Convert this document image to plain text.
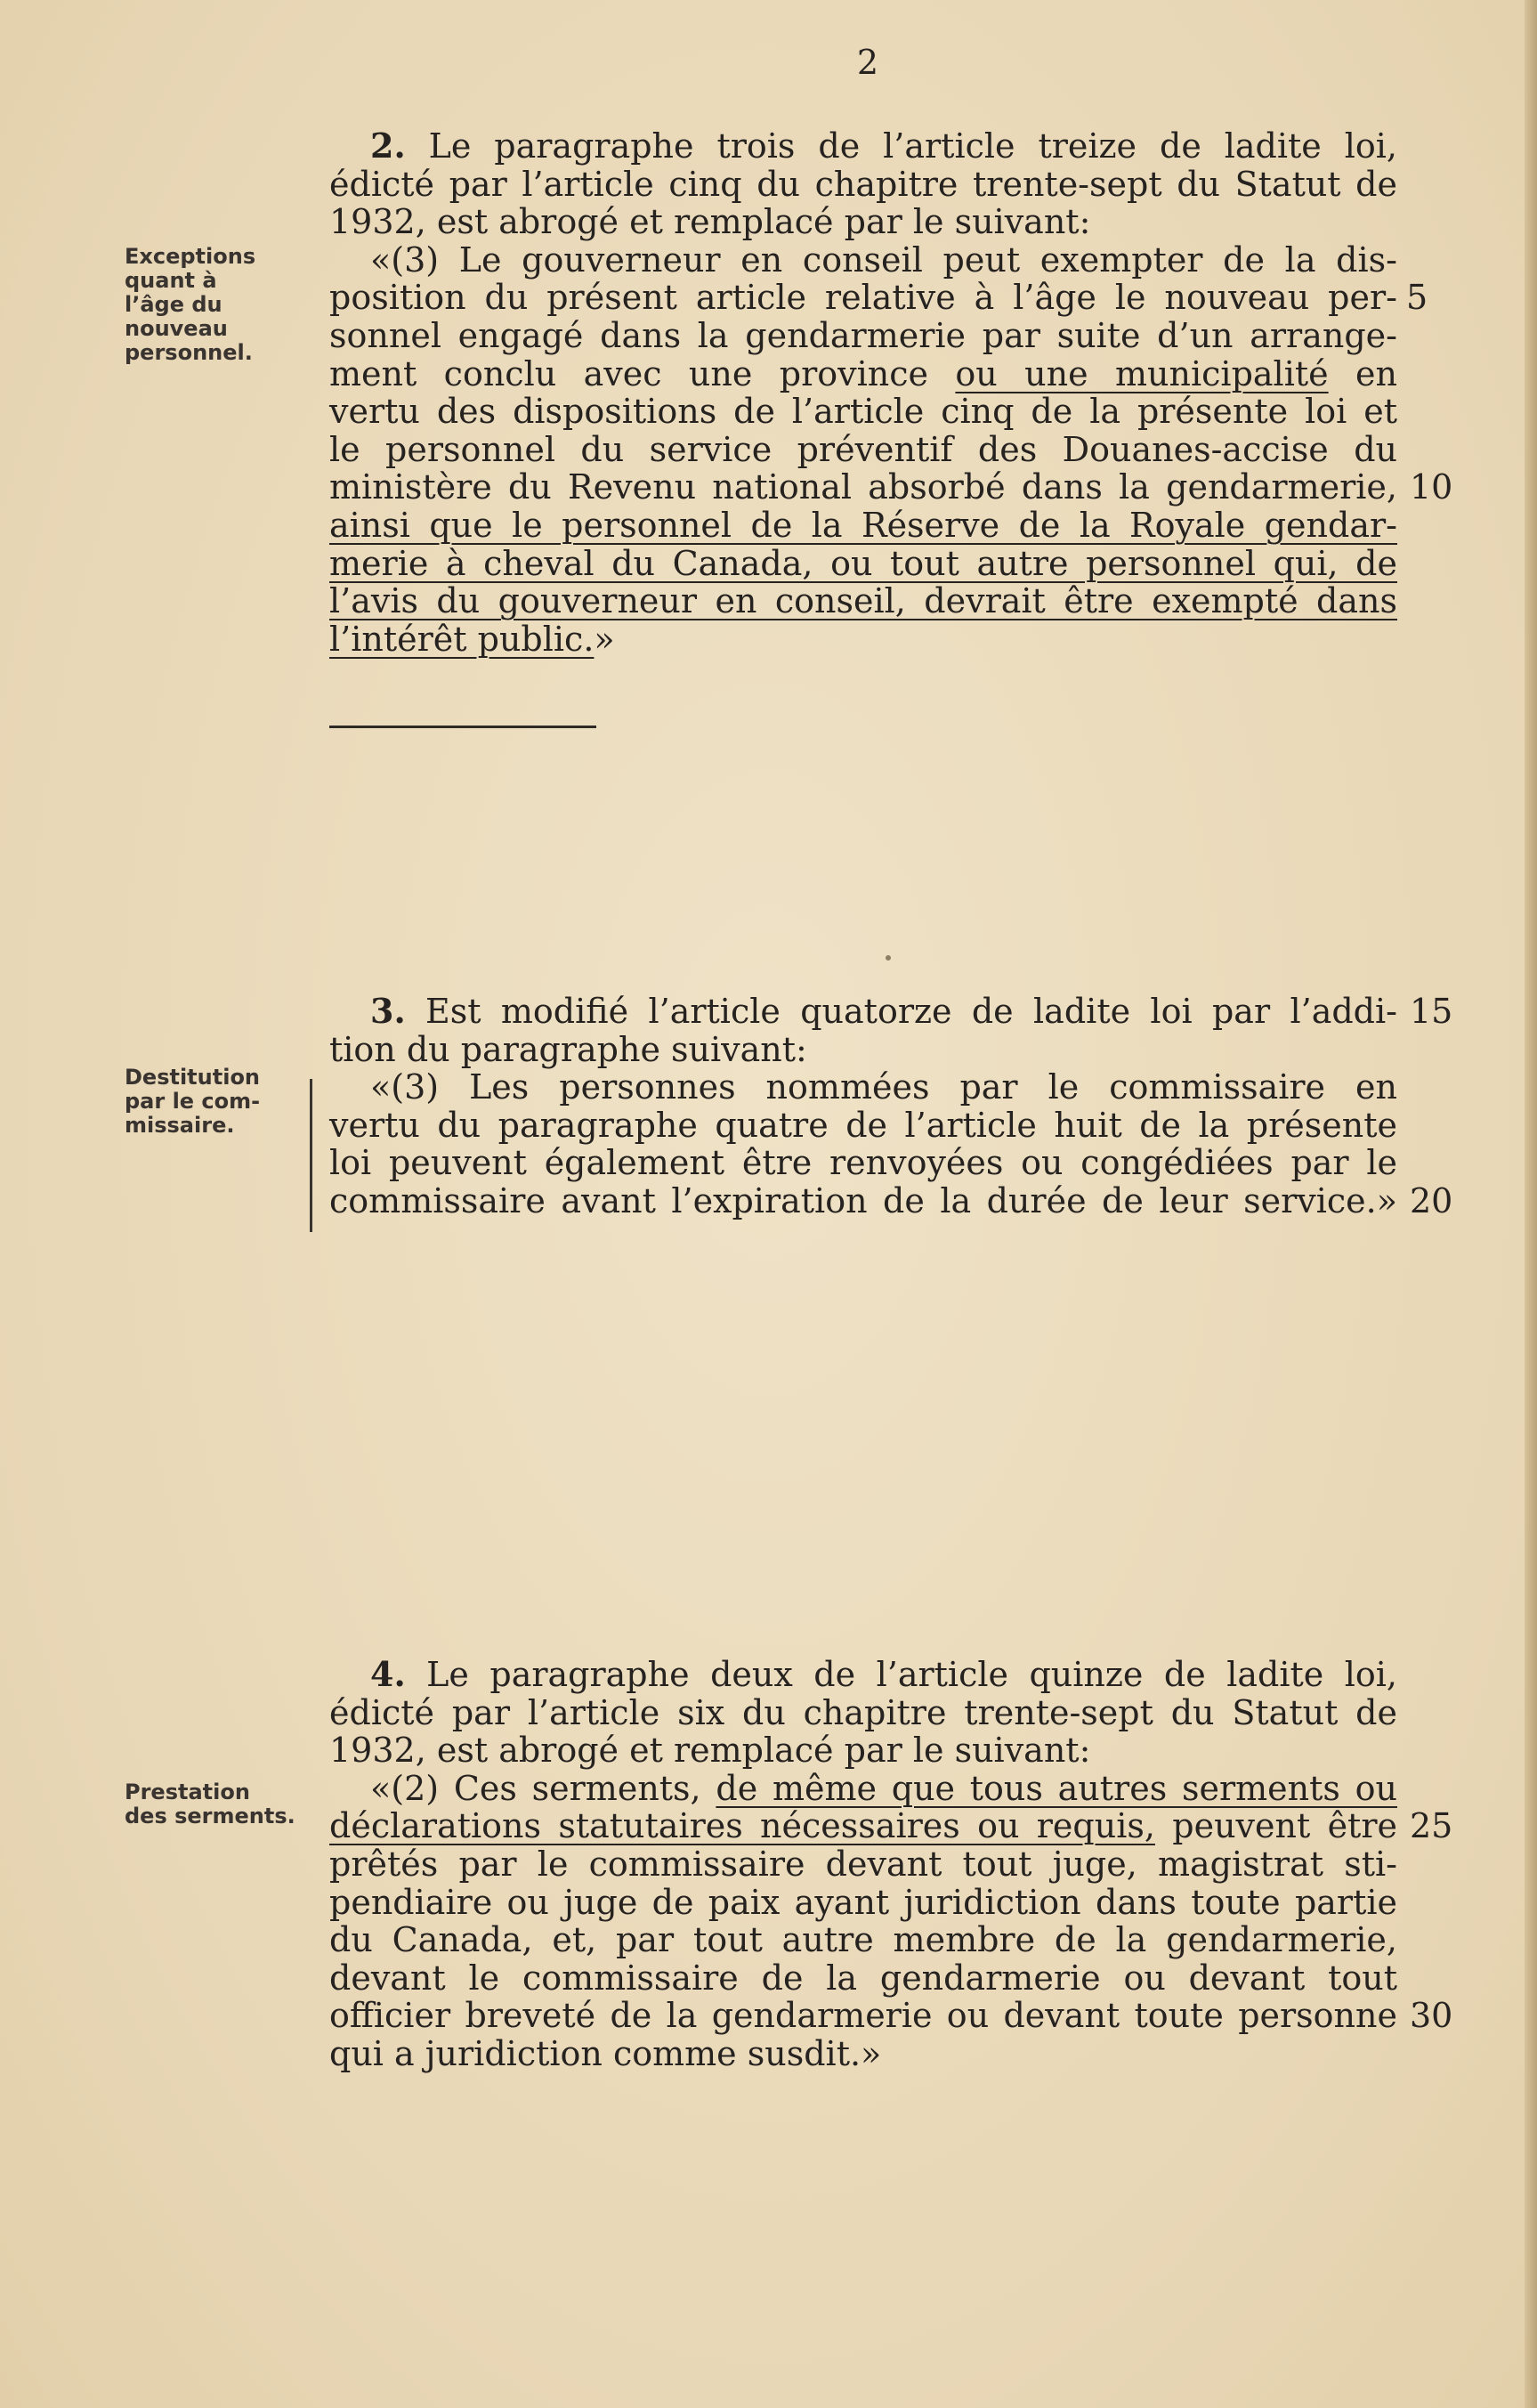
2
Exceptions
quant à
l’âge du
nouveau
personnel.
2. Le paragraphe trois de l’article treize de ladite loi,
édicté par l’article cinq du chapitre trente-sept du Statut de
1932, est abrogé et remplacé par le suivant:
«(3) Le gouverneur en conseil peut exempter de la dis-
position du présent article relative à l’âge le nouveau per- 5
sonnel engagé dans la gendarmerie par suite d’un arrange-
ment conclu avec une province ou une municipalité en
vertu des dispositions de l’article cinq de la présente loi et
le personnel du service préventif des Douanes-accise du
ministère du Revenu national absorbé dans la gendarmerie, 10
ainsi que le personnel de la Réserve de la Royale gendar-
merie à cheval du Canada, ou tout autre personnel qui, de
l’avis du gouverneur en conseil, devrait être exempté dans
l’intérêt public.»
Destitution
par le com-
missaire.
3. Est modifié l’article quatorze de ladite loi par l’addi- 15
tion du paragraphe suivant:
«(3) Les personnes nommées par le commissaire en
vertu du paragraphe quatre de l’article huit de la présente
loi peuvent également être renvoyées ou congédiées par le
commissaire avant l’expiration de la durée de leur service.» 20
Prestation
des serments.
4. Le paragraphe deux de l’article quinze de ladite loi,
édicté par l’article six du chapitre trente-sept du Statut de
1932, est abrogé et remplacé par le suivant:
«(2) Ces serments, de même que tous autres serments ou
déclarations statutaires nécessaires ou requis, peuvent être 25
prêtés par le commissaire devant tout juge, magistrat sti-
pendiaire ou juge de paix ayant juridiction dans toute partie
du Canada, et, par tout autre membre de la gendarmerie,
devant le commissaire de la gendarmerie ou devant tout
officier breveté de la gendarmerie ou devant toute personne 30
qui a juridiction comme susdit.»
